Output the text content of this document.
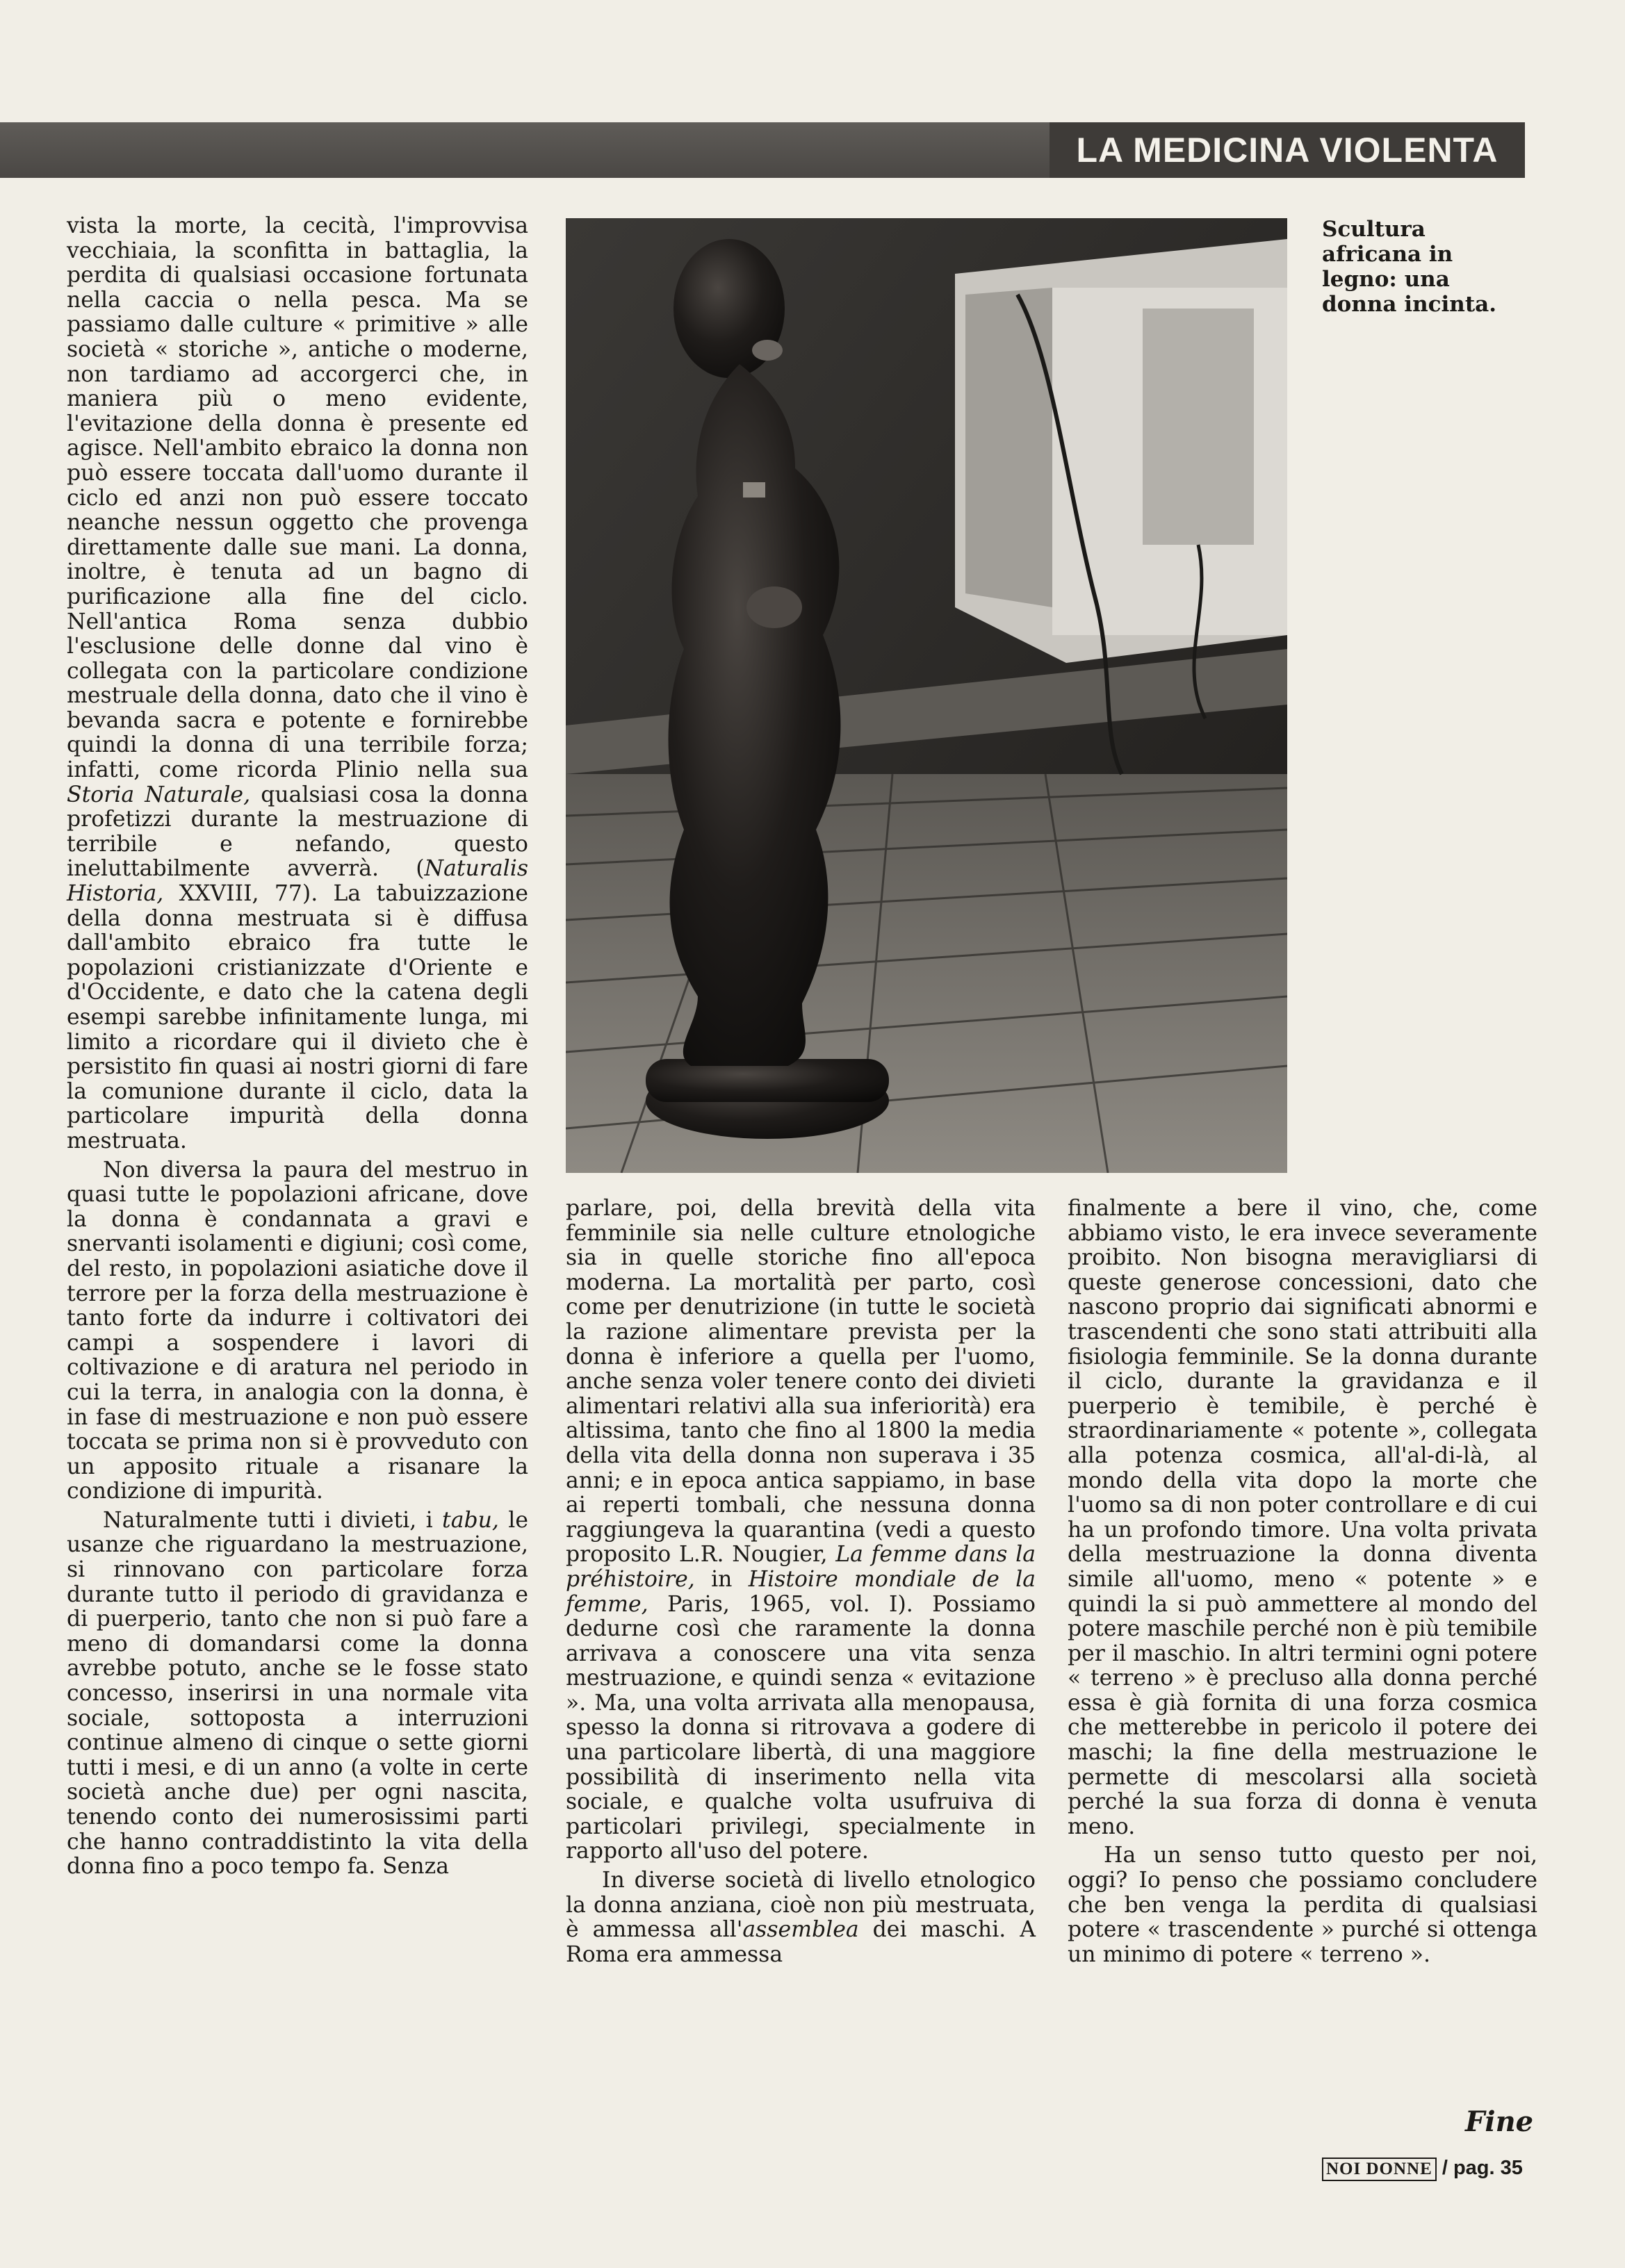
LA MEDICINA VIOLENTA

vista la morte, la cecità, l'improvvisa vecchiaia, la sconfitta in battaglia, la perdita di qualsiasi occasione fortunata nella caccia o nella pesca. Ma se passiamo dalle culture « primitive » alle società « storiche », antiche o moderne, non tardiamo ad accorgerci che, in maniera più o meno evidente, l'evitazione della donna è presente ed agisce. Nell'ambito ebraico la donna non può essere toccata dall'uomo durante il ciclo ed anzi non può essere toccato neanche nessun oggetto che provenga direttamente dalle sue mani. La donna, inoltre, è tenuta ad un bagno di purificazione alla fine del ciclo. Nell'antica Roma senza dubbio l'esclusione delle donne dal vino è collegata con la particolare condizione mestruale della donna, dato che il vino è bevanda sacra e potente e fornirebbe quindi la donna di una terribile forza; infatti, come ricorda Plinio nella sua Storia Naturale, qualsiasi cosa la donna profetizzi durante la mestruazione di terribile e nefando, questo ineluttabilmente avverrà. (Naturalis Historia, XXVIII, 77). La tabuizzazione della donna mestruata si è diffusa dall'ambito ebraico fra tutte le popolazioni cristianizzate d'Oriente e d'Occidente, e dato che la catena degli esempi sarebbe infinitamente lunga, mi limito a ricordare qui il divieto che è persistito fin quasi ai nostri giorni di fare la comunione durante il ciclo, data la particolare impurità della donna mestruata.

Non diversa la paura del mestruo in quasi tutte le popolazioni africane, dove la donna è condannata a gravi e snervanti isolamenti e digiuni; così come, del resto, in popolazioni asiatiche dove il terrore per la forza della mestruazione è tanto forte da indurre i coltivatori dei campi a sospendere i lavori di coltivazione e di aratura nel periodo in cui la terra, in analogia con la donna, è in fase di mestruazione e non può essere toccata se prima non si è provveduto con un apposito rituale a risanare la condizione di impurità.

Naturalmente tutti i divieti, i tabu, le usanze che riguardano la mestruazione, si rinnovano con particolare forza durante tutto il periodo di gravidanza e di puerperio, tanto che non si può fare a meno di domandarsi come la donna avrebbe potuto, anche se le fosse stato concesso, inserirsi in una normale vita sociale, sottoposta a interruzioni continue almeno di cinque o sette giorni tutti i mesi, e di un anno (a volte in certe società anche due) per ogni nascita, tenendo conto dei numerosissimi parti che hanno contraddistinto la vita della donna fino a poco tempo fa. Senza

Scultura africana in legno: una donna incinta.

parlare, poi, della brevità della vita femminile sia nelle culture etnologiche sia in quelle storiche fino all'epoca moderna. La mortalità per parto, così come per denutrizione (in tutte le società la razione alimentare prevista per la donna è inferiore a quella per l'uomo, anche senza voler tenere conto dei divieti alimentari relativi alla sua inferiorità) era altissima, tanto che fino al 1800 la media della vita della donna non superava i 35 anni; e in epoca antica sappiamo, in base ai reperti tombali, che nessuna donna raggiungeva la quarantina (vedi a questo proposito L.R. Nougier, La femme dans la préhistoire, in Histoire mondiale de la femme, Paris, 1965, vol. I). Possiamo dedurne così che raramente la donna arrivava a conoscere una vita senza mestruazione, e quindi senza « evitazione ». Ma, una volta arrivata alla menopausa, spesso la donna si ritrovava a godere di una particolare libertà, di una maggiore possibilità di inserimento nella vita sociale, e qualche volta usufruiva di particolari privilegi, specialmente in rapporto all'uso del potere.

In diverse società di livello etnologico la donna anziana, cioè non più mestruata, è ammessa all'assemblea dei maschi. A Roma era ammessa

finalmente a bere il vino, che, come abbiamo visto, le era invece severamente proibito. Non bisogna meravigliarsi di queste generose concessioni, dato che nascono proprio dai significati abnormi e trascendenti che sono stati attribuiti alla fisiologia femminile. Se la donna durante il ciclo, durante la gravidanza e il puerperio è temibile, è perché è straordinariamente « potente », collegata alla potenza cosmica, all'al-di-là, al mondo della vita dopo la morte che l'uomo sa di non poter controllare e di cui ha un profondo timore. Una volta privata della mestruazione la donna diventa simile all'uomo, meno « potente » e quindi la si può ammettere al mondo del potere maschile perché non è più temibile per il maschio. In altri termini ogni potere « terreno » è precluso alla donna perché essa è già fornita di una forza cosmica che metterebbe in pericolo il potere dei maschi; la fine della mestruazione le permette di mescolarsi alla società perché la sua forza di donna è venuta meno.

Ha un senso tutto questo per noi, oggi? Io penso che possiamo concludere che ben venga la perdita di qualsiasi potere « trascendente » purché si ottenga un minimo di potere « terreno ».

Fine
NOI DONNE / pag. 35
